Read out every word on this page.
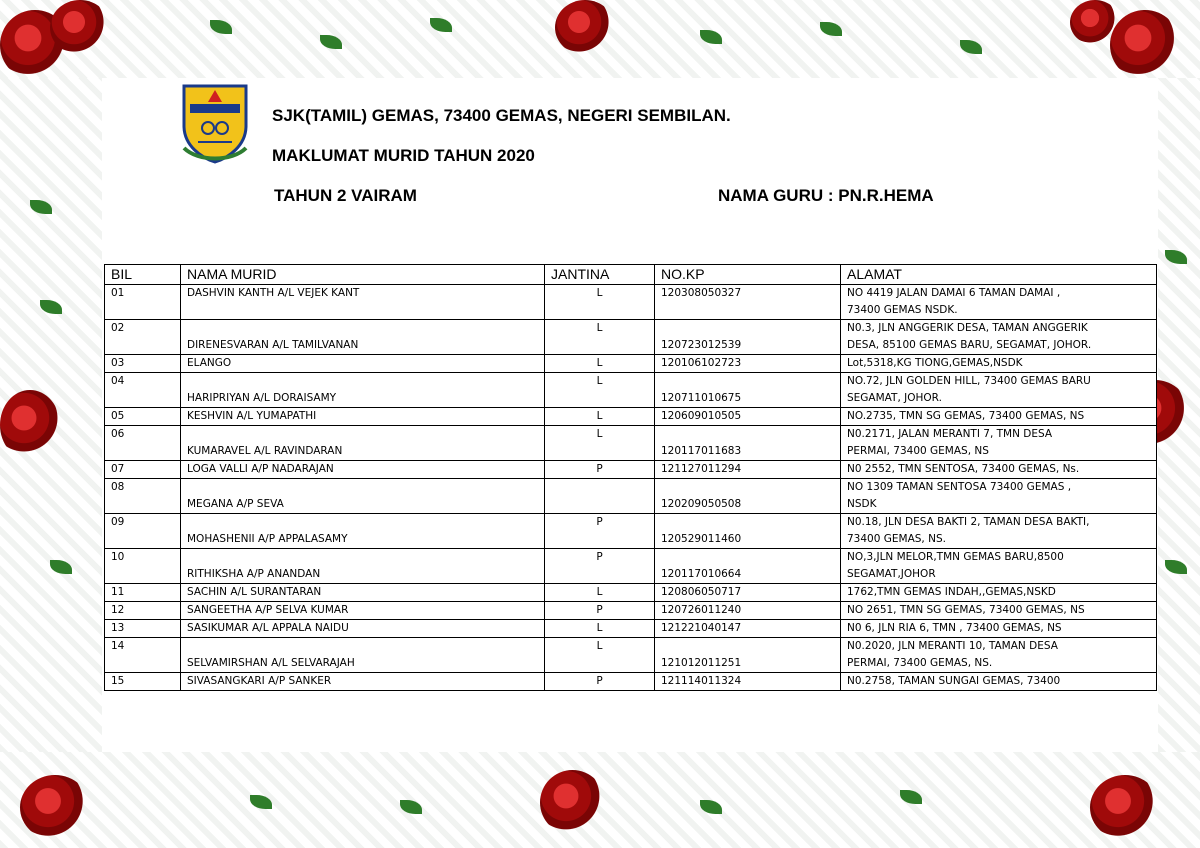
SJK(TAMIL) GEMAS, 73400 GEMAS, NEGERI SEMBILAN.
MAKLUMAT MURID TAHUN 2020
TAHUN 2 VAIRAM	NAMA GURU : PN.R.HEMA
BIL	NAMA MURID	JANTINA	NO.KP	ALAMAT

01	DASHVIN KANTH A/L VEJEK KANT	L	120308050327	NO 4419 JALAN DAMAI 6 TAMAN DAMAI ,
73400 GEMAS NSDK.

02	DIRENESVARAN A/L TAMILVANAN	L	120723012539	N0.3, JLN ANGGERIK DESA, TAMAN ANGGERIK
DESA, 85100 GEMAS BARU, SEGAMAT, JOHOR.

03	ELANGO	L	120106102723	Lot,5318,KG TIONG,GEMAS,NSDK

04	HARIPRIYAN A/L DORAISAMY	L	120711010675	NO.72, JLN GOLDEN HILL, 73400 GEMAS BARU
SEGAMAT, JOHOR.

05	KESHVIN A/L YUMAPATHI	L	120609010505	NO.2735, TMN SG GEMAS, 73400 GEMAS, NS

06	KUMARAVEL A/L RAVINDARAN	L	120117011683	N0.2171, JALAN MERANTI 7, TMN DESA
PERMAI, 73400 GEMAS, NS

07	LOGA VALLI A/P NADARAJAN	P	121127011294	N0 2552, TMN SENTOSA, 73400 GEMAS, Ns.

08	MEGANA A/P SEVA		120209050508	NO 1309 TAMAN SENTOSA 73400 GEMAS ,
NSDK

09	MOHASHENII A/P APPALASAMY	P	120529011460	N0.18, JLN DESA BAKTI 2, TAMAN DESA BAKTI,
73400 GEMAS, NS.

10	RITHIKSHA A/P ANANDAN	P	120117010664	NO,3,JLN MELOR,TMN GEMAS BARU,8500
SEGAMAT,JOHOR

11	SACHIN A/L SURANTARAN	L	120806050717	1762,TMN GEMAS INDAH,,GEMAS,NSKD

12	SANGEETHA A/P SELVA KUMAR	P	120726011240	NO 2651, TMN SG GEMAS, 73400 GEMAS, NS

13	SASIKUMAR A/L APPALA NAIDU	L	121221040147	N0 6, JLN RIA 6, TMN , 73400 GEMAS, NS

14	SELVAMIRSHAN A/L SELVARAJAH	L	121012011251	N0.2020, JLN MERANTI 10, TAMAN DESA
PERMAI, 73400 GEMAS, NS.

15	SIVASANGKARI A/P SANKER	P	121114011324	N0.2758, TAMAN SUNGAI GEMAS, 73400
